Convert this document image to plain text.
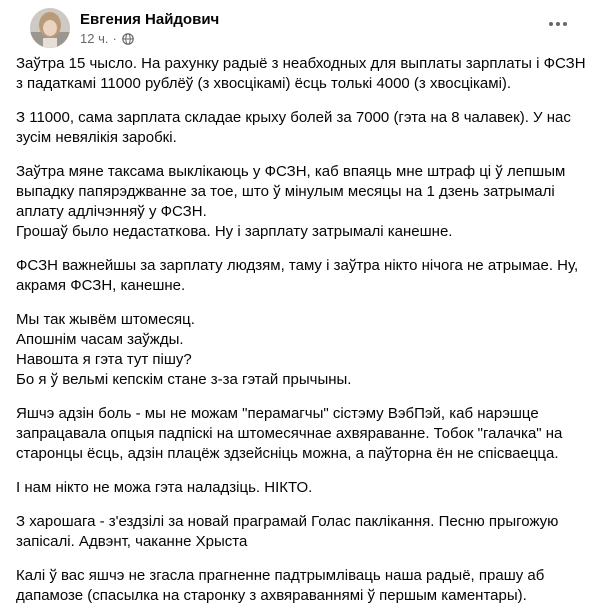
Евгения Найдович
12 ч. ·

Заўтра 15 чысло. На рахунку радыё з неабходных для выплаты зарплаты і ФСЗН з падаткамі 11000 рублёў (з хвосцікамі) ёсць толькі 4000 (з хвосцікамі).

З 11000, сама зарплата складае крыху болей за 7000 (гэта на 8 чалавек). У нас зусім невялікія заробкі.

Заўтра мяне таксама выклікаюць у ФСЗН, каб впаяць мне штраф ці ў лепшым выпадку папярэджванне за тое, што ў мінулым месяцы на 1 дзень затрымалі аплату адлічэнняў у ФСЗН.
Грошаў было недастаткова. Ну і зарплату затрымалі канешне.

ФСЗН важнейшы за зарплату людзям, таму і заўтра нікто нічога не атрымае. Ну, акрамя ФСЗН, канешне.

Мы так жывём штомесяц.
Апошнім часам заўжды.
Навошта я гэта тут пішу?
Бо я ў вельмі кепскім стане з-за гэтай прычыны.

Яшчэ адзін боль - мы не можам "перамагчы" сістэму ВэбПэй, каб нарэшце запрацавала опцыя падпіскі на штомесячнае ахвяраванне. Тобок "галачка" на старонцы ёсць, адзін плацёж здзейсніць можна, а паўторна ён не спісваецца.

І нам нікто не можа гэта наладзіць. НІКТО.

З харошага - з'ездзілі за новай праграмай Голас паклікання. Песню прыгожую запісалі. Адвэнт, чаканне Хрыста

Калі ў вас яшчэ не згасла прагненне падтрымліваць наша радыё, прашу аб дапамозе (спасылка на старонку з ахвяраваннямі ў першым каментары).
